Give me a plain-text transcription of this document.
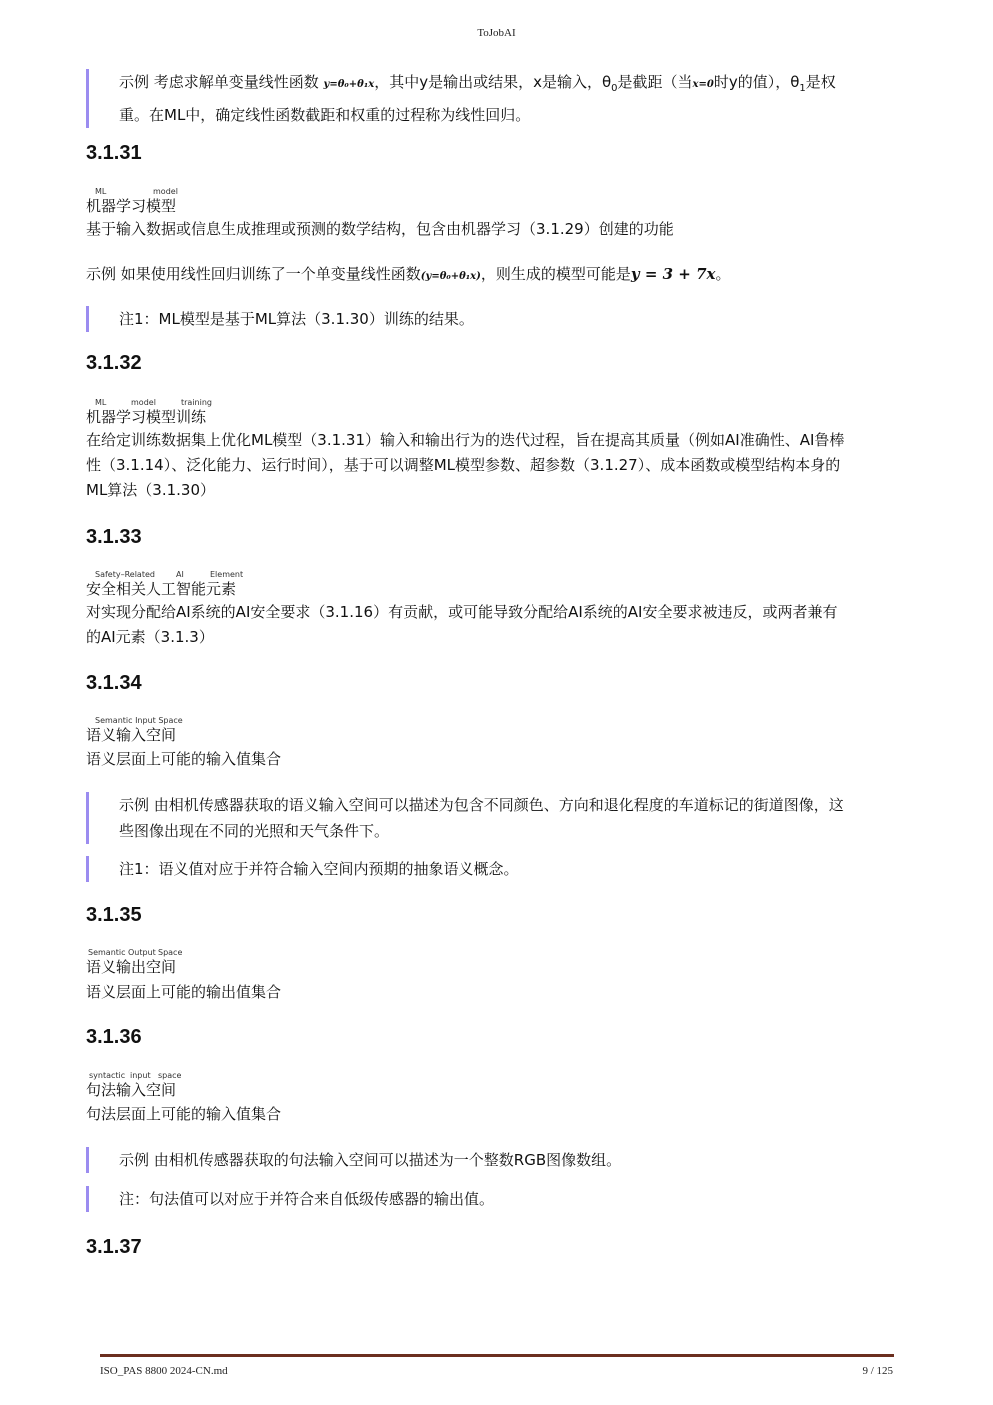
ToJobAI
示例 考虑求解单变量线性函数 y=θ₀+θ₁x，其中y是输出或结果，x是输入，$\theta_0$是截距（当x=0时y的值），$\theta_1$是权
重。在ML中，确定线性函数截距和权重的过程称为线性回归。
3.1.31
ML	model
机器学习模型
基于输入数据或信息生成推理或预测的数学结构，包含由机器学习（3.1.29）创建的功能
示例 如果使用线性回归训练了一个单变量线性函数(y=θ₀+θ₁x)，则生成的模型可能是y = 3 + 7x。
注1：ML模型是基于ML算法（3.1.30）训练的结果。
3.1.32
ML	model	training
机器学习模型训练
在给定训练数据集上优化ML模型（3.1.31）输入和输出行为的迭代过程，旨在提高其质量（例如AI准确性、AI鲁棒
性（3.1.14）、泛化能力、运行时间），基于可以调整ML模型参数、超参数（3.1.27）、成本函数或模型结构本身的
ML算法（3.1.30）
3.1.33
Safety–Related	AI	Element
安全相关人工智能元素
对实现分配给AI系统的AI安全要求（3.1.16）有贡献，或可能导致分配给AI系统的AI安全要求被违反，或两者兼有
的AI元素（3.1.3）
3.1.34
Semantic Input Space
语义输入空间
语义层面上可能的输入值集合
示例 由相机传感器获取的语义输入空间可以描述为包含不同颜色、方向和退化程度的车道标记的街道图像，这
些图像出现在不同的光照和天气条件下。
注1：语义值对应于并符合输入空间内预期的抽象语义概念。
3.1.35
Semantic Output Space
语义输出空间
语义层面上可能的输出值集合
3.1.36
syntactic input space
句法输入空间
句法层面上可能的输入值集合
示例 由相机传感器获取的句法输入空间可以描述为一个整数RGB图像数组。
注：句法值可以对应于并符合来自低级传感器的输出值。
3.1.37
ISO_PAS 8800 2024-CN.md	9 / 125
